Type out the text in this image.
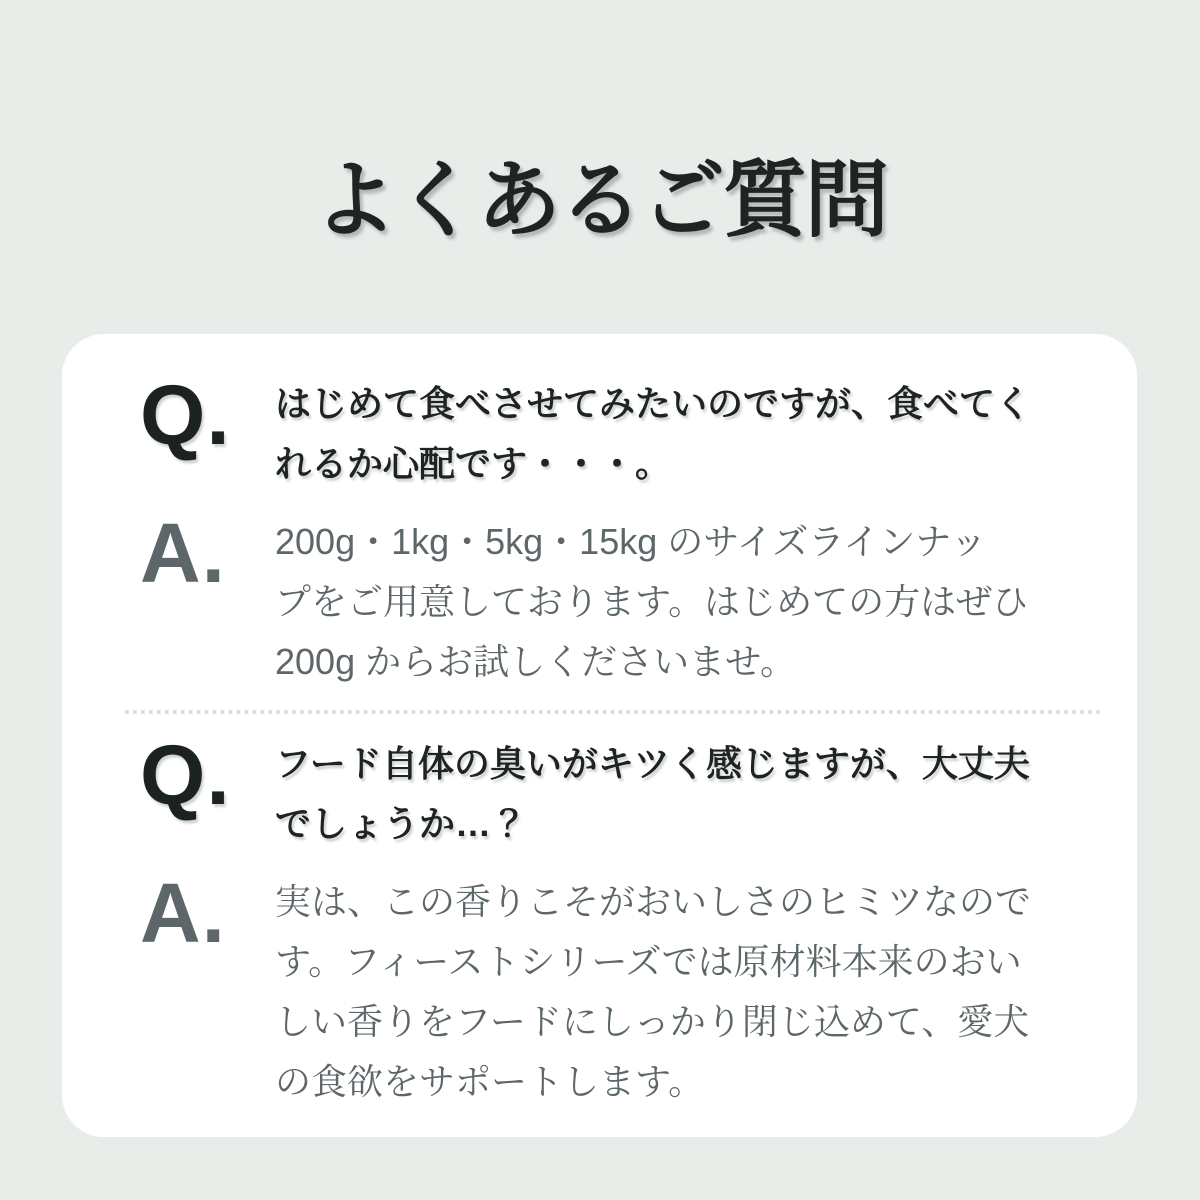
よくあるご質問
Q.	はじめて食べさせてみたいのですが、食べてく
れるか心配です・・・。
A.	200g・1kg・5kg・15kg のサイズラインナッ
プをご用意しております。はじめての方はぜひ
200g からお試しくださいませ。
Q.	フード自体の臭いがキツく感じますが、大丈夫
でしょうか…？
A.	実は、この香りこそがおいしさのヒミツなので
す。フィーストシリーズでは原材料本来のおい
しい香りをフードにしっかり閉じ込めて、愛犬
の食欲をサポートします。
